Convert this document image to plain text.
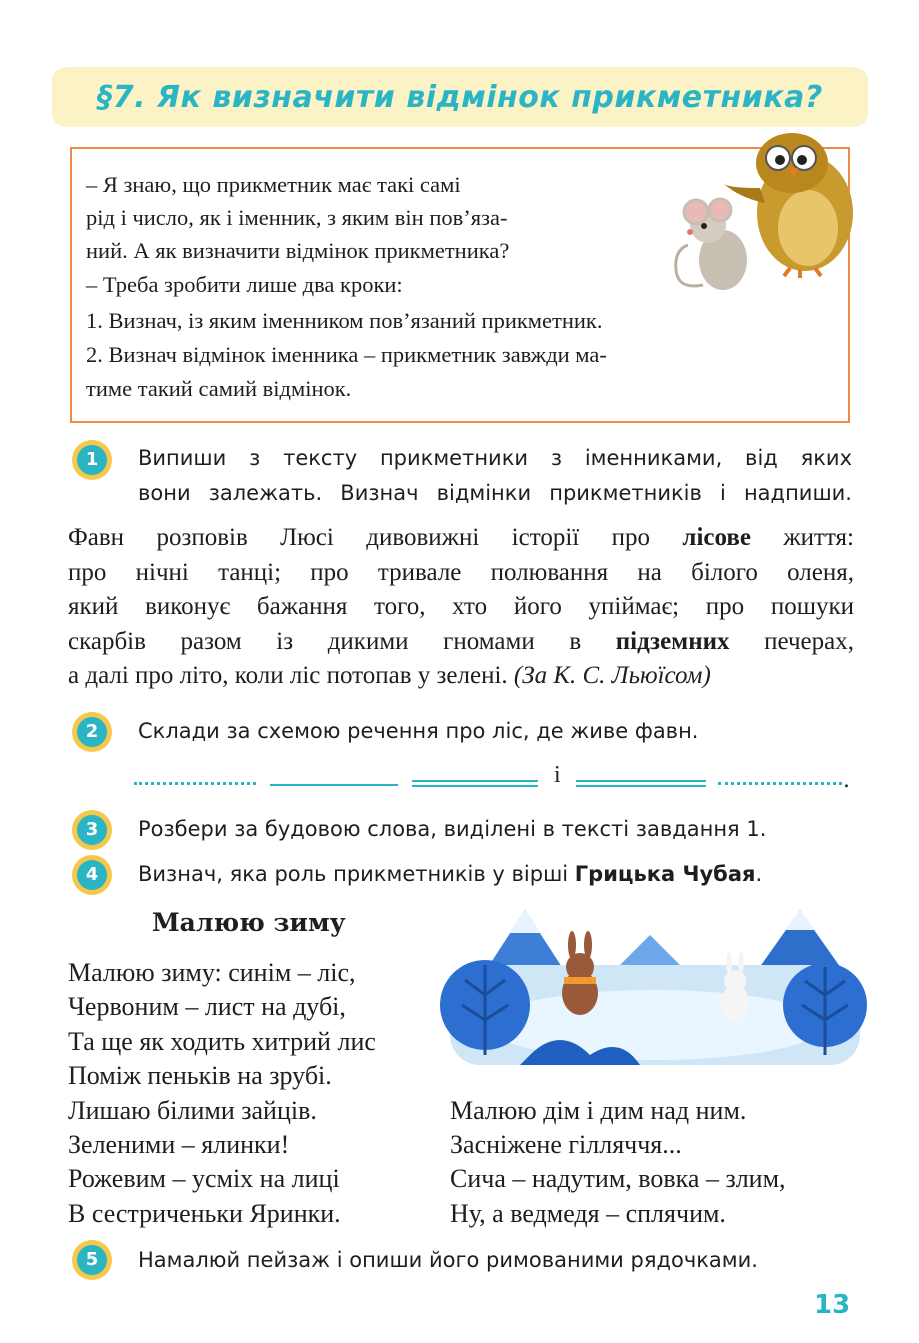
§7. Як визначити відмінок прикметника?
– Я знаю, що прикметник має такі самі
рід і число, як і іменник, з яким він пов’яза-
ний. А як визначити відмінок прикметника?
– Треба зробити лише два кроки:
1. Визнач, із яким іменником пов’язаний прикметник.
2. Визнач відмінок іменника – прикметник завжди ма-
тиме такий самий відмінок.
1	Випиши з тексту прикметники з іменниками, від яких
вони залежать. Визнач відмінки прикметників і надпиши.
Фавн розповів Люсі дивовижні історії про лісове життя:
про нічні танці; про тривале полювання на білого оленя,
який виконує бажання того, хто його упіймає; про пошуки
скарбів разом із дикими гномами в підземних печерах,
а далі про літо, коли ліс потопав у зелені. (За К. С. Льюїсом)
2	Склади за схемою речення про ліс, де живе фавн.
і	.
3	Розбери за будовою слова, виділені в тексті завдання 1.
4	Визнач, яка роль прикметників у вірші Грицька Чубая.
Малюю зиму
Малюю зиму: синім – ліс,
Червоним – лист на дубі,
Та ще як ходить хитрий лис
Поміж пеньків на зрубі.
Лишаю білими зайців.
Зеленими – ялинки!
Рожевим – усміх на лиці
В сестриченьки Яринки.
Малюю дім і дим над ним.
Засніжене гілляччя...
Сича – надутим, вовка – злим,
Ну, а ведмедя – сплячим.
5	Намалюй пейзаж і опиши його римованими рядочками.
13
